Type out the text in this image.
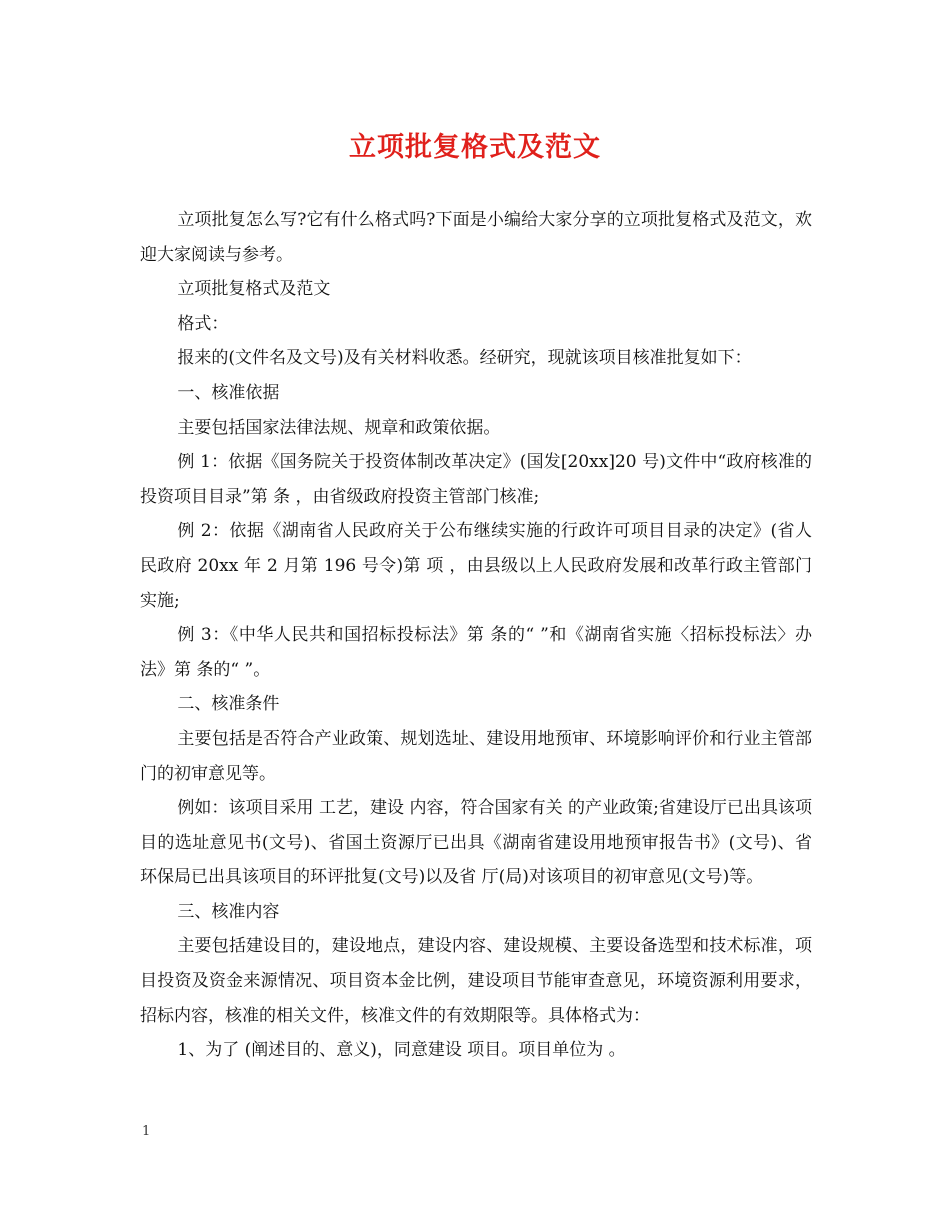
立项批复格式及范文

立项批复怎么写?它有什么格式吗?下面是小编给大家分享的立项批复格式及范文，欢迎大家阅读与参考。

立项批复格式及范文

格式：

报来的(文件名及文号)及有关材料收悉。经研究，现就该项目核准批复如下：

一、核准依据

主要包括国家法律法规、规章和政策依据。

例 1：依据《国务院关于投资体制改革决定》(国发[20xx]20 号)文件中“政府核准的投资项目目录”第 条 ，由省级政府投资主管部门核准;

例 2：依据《湖南省人民政府关于公布继续实施的行政许可项目目录的决定》(省人民政府 20xx 年 2 月第 196 号令)第 项 ，由县级以上人民政府发展和改革行政主管部门实施;

例 3：《中华人民共和国招标投标法》第 条的“ ”和《湖南省实施〈招标投标法〉办法》第 条的“ ”。

二、核准条件

主要包括是否符合产业政策、规划选址、建设用地预审、环境影响评价和行业主管部门的初审意见等。

例如：该项目采用 工艺，建设 内容，符合国家有关 的产业政策;省建设厅已出具该项目的选址意见书(文号)、省国土资源厅已出具《湖南省建设用地预审报告书》(文号)、省环保局已出具该项目的环评批复(文号)以及省 厅(局)对该项目的初审意见(文号)等。

三、核准内容

主要包括建设目的，建设地点，建设内容、建设规模、主要设备选型和技术标准，项目投资及资金来源情况、项目资本金比例，建设项目节能审查意见，环境资源利用要求，招标内容，核准的相关文件，核准文件的有效期限等。具体格式为：

1、为了 (阐述目的、意义)，同意建设 项目。项目单位为 。

1
